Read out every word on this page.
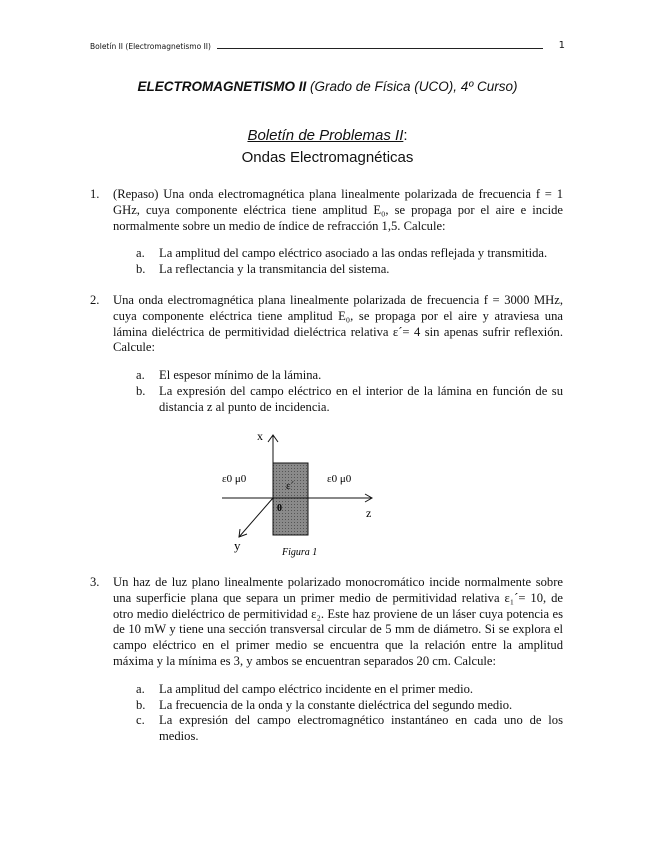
Boletín II (Electromagnetismo II)	1
ELECTROMAGNETISMO II (Grado de Física (UCO), 4º Curso)
Boletín de Problemas II:
Ondas Electromagnéticas
1. (Repaso) Una onda electromagnética plana linealmente polarizada de frecuencia f = 1 GHz, cuya componente eléctrica tiene amplitud E₀, se propaga por el aire e incide normalmente sobre un medio de índice de refracción 1,5. Calcule:
a. La amplitud del campo eléctrico asociado a las ondas reflejada y transmitida.
b. La reflectancia y la transmitancia del sistema.
2. Una onda electromagnética plana linealmente polarizada de frecuencia f = 3000 MHz, cuya componente eléctrica tiene amplitud E₀, se propaga por el aire y atraviesa una lámina dieléctrica de permitividad dieléctrica relativa ε´= 4 sin apenas sufrir reflexión. Calcule:
a. El espesor mínimo de la lámina.
b. La expresión del campo eléctrico en el interior de la lámina en función de su distancia z al punto de incidencia.
x
ε0 μ0	ε0 μ0
ε´
0	z
y	Figura 1
3. Un haz de luz plano linealmente polarizado monocromático incide normalmente sobre una superficie plana que separa un primer medio de permitividad relativa ε₁´= 10, de otro medio dieléctrico de permitividad ε₂. Este haz proviene de un láser cuya potencia es de 10 mW y tiene una sección transversal circular de 5 mm de diámetro. Si se explora el campo eléctrico en el primer medio se encuentra que la relación entre la amplitud máxima y la mínima es 3, y ambos se encuentran separados 20 cm. Calcule:
a. La amplitud del campo eléctrico incidente en el primer medio.
b. La frecuencia de la onda y la constante dieléctrica del segundo medio.
c. La expresión del campo electromagnético instantáneo en cada uno de los medios.
